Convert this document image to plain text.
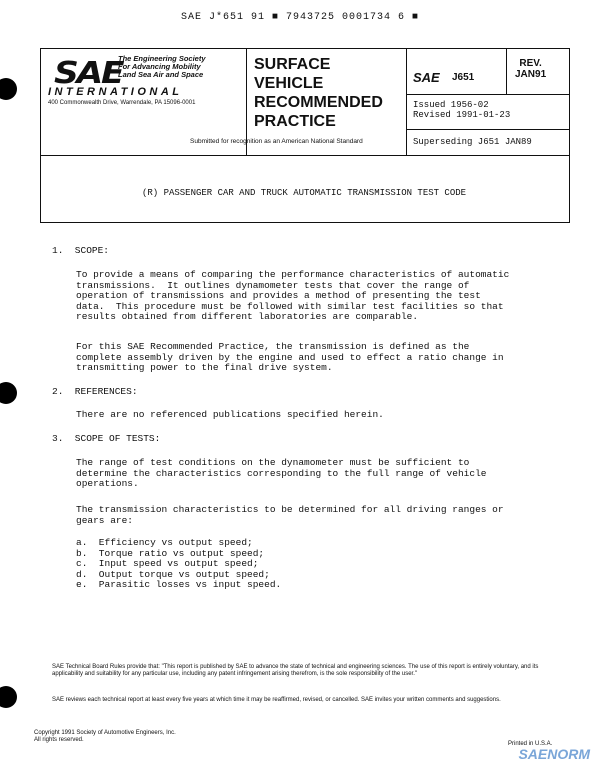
SAE J*651 91 ■ 7943725 0001734 6 ■
SAE
The Engineering Society
For Advancing Mobility
Land Sea Air and Space
INTERNATIONAL
400 Commonwealth Drive, Warrendale, PA 15096-0001
SURFACE
VEHICLE
RECOMMENDED
PRACTICE
Submitted for recognition as an American National Standard
SAE J651
REV.
JAN91
Issued 1956-02
Revised 1991-01-23
Superseding J651 JAN89
(R) PASSENGER CAR AND TRUCK AUTOMATIC TRANSMISSION TEST CODE
1.  SCOPE:
To provide a means of comparing the performance characteristics of automatic
transmissions.  It outlines dynamometer tests that cover the range of
operation of transmissions and provides a method of presenting the test
data.  This procedure must be followed with similar test facilities so that
results obtained from different laboratories are comparable.
For this SAE Recommended Practice, the transmission is defined as the
complete assembly driven by the engine and used to effect a ratio change in
transmitting power to the final drive system.
2.  REFERENCES:
There are no referenced publications specified herein.
3.  SCOPE OF TESTS:
The range of test conditions on the dynamometer must be sufficient to
determine the characteristics corresponding to the full range of vehicle
operations.
The transmission characteristics to be determined for all driving ranges or
gears are:
a.  Efficiency vs output speed;
b.  Torque ratio vs output speed;
c.  Input speed vs output speed;
d.  Output torque vs output speed;
e.  Parasitic losses vs input speed.
SAE Technical Board Rules provide that: "This report is published by SAE to advance the state of technical and engineering sciences. The use of this report is entirely voluntary, and its applicability and suitability for any particular use, including any patent infringement arising therefrom, is the sole responsibility of the user."
SAE reviews each technical report at least every five years at which time it may be reaffirmed, revised, or cancelled. SAE invites your written comments and suggestions.
Copyright 1991 Society of Automotive Engineers, Inc.
All rights reserved.
Printed in U.S.A.
SAENORM
